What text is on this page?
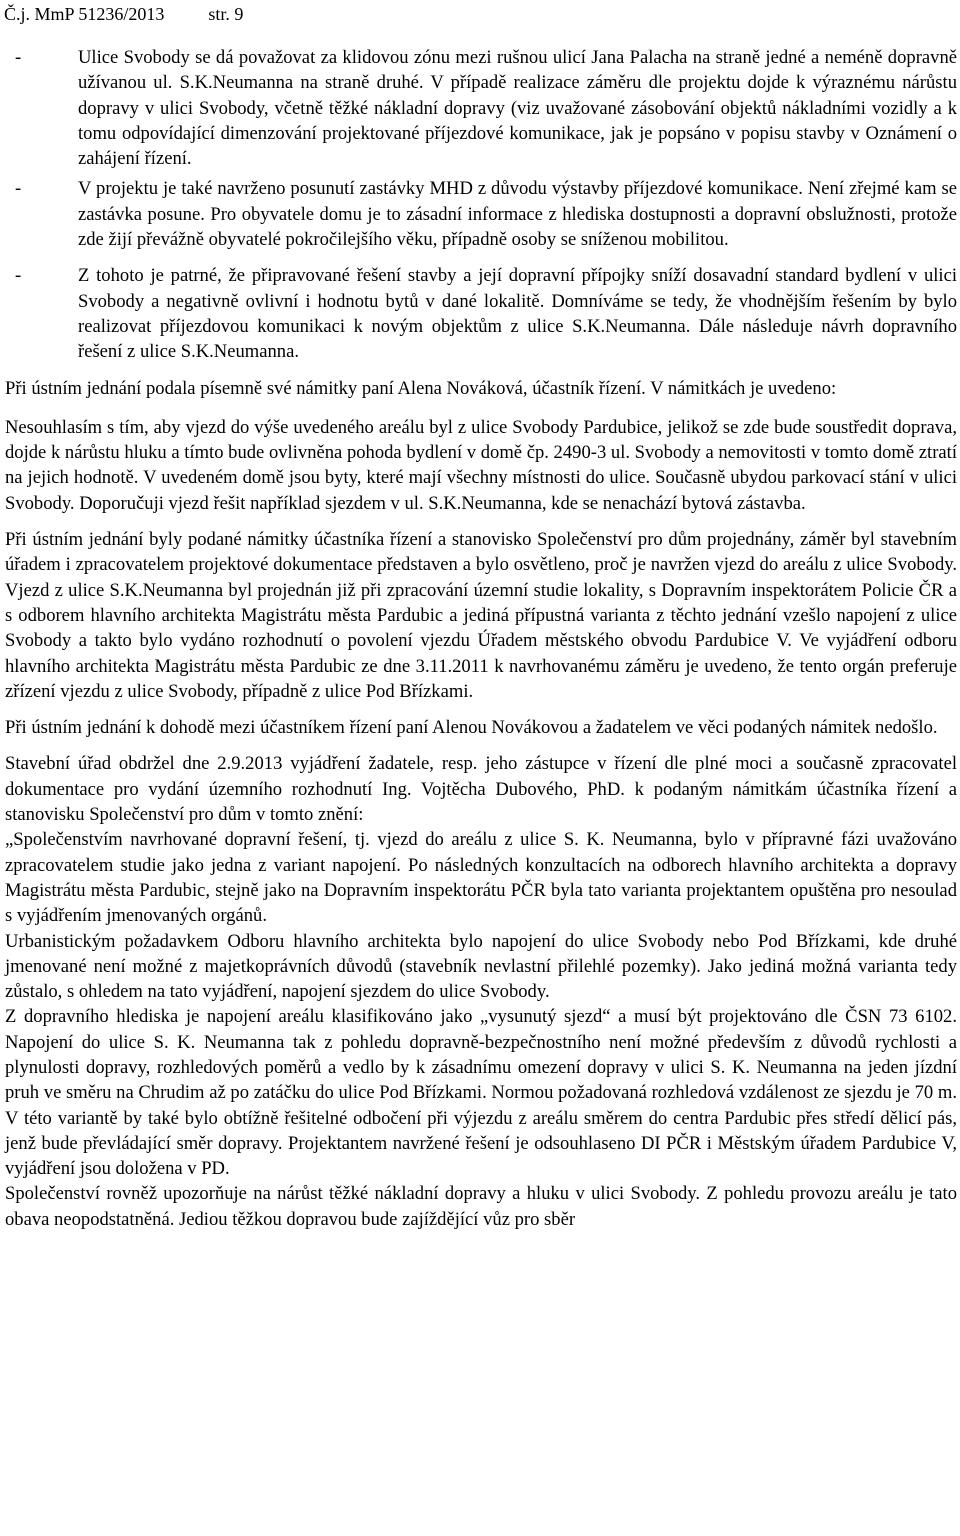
Č.j. MmP 51236/2013 str. 9
-	Ulice Svobody se dá považovat za klidovou zónu mezi rušnou ulicí Jana Palacha na straně jedné a neméně dopravně užívanou ul. S.K.Neumanna na straně druhé. V případě realizace záměru dle projektu dojde k výraznému nárůstu dopravy v ulici Svobody, včetně těžké nákladní dopravy (viz uvažované zásobování objektů nákladními vozidly a k tomu odpovídající dimenzování projektované příjezdové komunikace, jak je popsáno v popisu stavby v Oznámení o zahájení řízení.
-	V projektu je také navrženo posunutí zastávky MHD z důvodu výstavby příjezdové komunikace. Není zřejmé kam se zastávka posune. Pro obyvatele domu je to zásadní informace z hlediska dostupnosti a dopravní obslužnosti, protože zde žijí převážně obyvatelé pokročilejšího věku, případně osoby se sníženou mobilitou.
-	Z tohoto je patrné, že připravované řešení stavby a její dopravní přípojky sníží dosavadní standard bydlení v ulici Svobody a negativně ovlivní i hodnotu bytů v dané lokalitě. Domníváme se tedy, že vhodnějším řešením by bylo realizovat příjezdovou komunikaci k novým objektům z ulice S.K.Neumanna. Dále následuje návrh dopravního řešení z ulice S.K.Neumanna.

Při ústním jednání podala písemně své námitky paní Alena Nováková, účastník řízení. V námitkách je uvedeno:

Nesouhlasím s tím, aby vjezd do výše uvedeného areálu byl z ulice Svobody Pardubice, jelikož se zde bude soustředit doprava, dojde k nárůstu hluku a tímto bude ovlivněna pohoda bydlení v domě čp. 2490-3 ul. Svobody a nemovitosti v tomto domě ztratí na jejich hodnotě. V uvedeném domě jsou byty, které mají všechny místnosti do ulice. Současně ubydou parkovací stání v ulici Svobody. Doporučuji vjezd řešit například sjezdem v ul. S.K.Neumanna, kde se nenachází bytová zástavba.

Při ústním jednání byly podané námitky účastníka řízení a stanovisko Společenství pro dům projednány, záměr byl stavebním úřadem i zpracovatelem projektové dokumentace představen a bylo osvětleno, proč je navržen vjezd do areálu z ulice Svobody. Vjezd z ulice S.K.Neumanna byl projednán již při zpracování územní studie lokality, s Dopravním inspektorátem Policie ČR a s odborem hlavního architekta Magistrátu města Pardubic a jediná přípustná varianta z těchto jednání vzešlo napojení z ulice Svobody a takto bylo vydáno rozhodnutí o povolení vjezdu Úřadem městského obvodu Pardubice V. Ve vyjádření odboru hlavního architekta Magistrátu města Pardubic ze dne 3.11.2011 k navrhovanému záměru je uvedeno, že tento orgán preferuje zřízení vjezdu z ulice Svobody, případně z ulice Pod Břízkami.

Při ústním jednání k dohodě mezi účastníkem řízení paní Alenou Novákovou a žadatelem ve věci podaných námitek nedošlo.

Stavební úřad obdržel dne 2.9.2013 vyjádření žadatele, resp. jeho zástupce v řízení dle plné moci a současně zpracovatel dokumentace pro vydání územního rozhodnutí Ing. Vojtěcha Dubového, PhD. k podaným námitkám účastníka řízení a stanovisku Společenství pro dům v tomto znění:

„Společenstvím navrhované dopravní řešení, tj. vjezd do areálu z ulice S. K. Neumanna, bylo v přípravné fázi uvažováno zpracovatelem studie jako jedna z variant napojení. Po následných konzultacích na odborech hlavního architekta a dopravy Magistrátu města Pardubic, stejně jako na Dopravním inspektorátu PČR byla tato varianta projektantem opuštěna pro nesoulad s vyjádřením jmenovaných orgánů.

Urbanistickým požadavkem Odboru hlavního architekta bylo napojení do ulice Svobody nebo Pod Břízkami, kde druhé jmenované není možné z majetkoprávních důvodů (stavebník nevlastní přilehlé pozemky). Jako jediná možná varianta tedy zůstalo, s ohledem na tato vyjádření, napojení sjezdem do ulice Svobody.

Z dopravního hlediska je napojení areálu klasifikováno jako „vysunutý sjezd“ a musí být projektováno dle ČSN 73 6102. Napojení do ulice S. K. Neumanna tak z pohledu dopravně-bezpečnostního není možné především z důvodů rychlosti a plynulosti dopravy, rozhledových poměrů a vedlo by k zásadnímu omezení dopravy v ulici S. K. Neumanna na jeden jízdní pruh ve směru na Chrudim až po zatáčku do ulice Pod Břízkami. Normou požadovaná rozhledová vzdálenost ze sjezdu je 70 m. V této variantě by také bylo obtížně řešitelné odbočení při výjezdu z areálu směrem do centra Pardubic přes středí dělicí pás, jenž bude převládající směr dopravy. Projektantem navržené řešení je odsouhlaseno DI PČR i Městským úřadem Pardubice V, vyjádření jsou doložena v PD.

Společenství rovněž upozorňuje na nárůst těžké nákladní dopravy a hluku v ulici Svobody. Z pohledu provozu areálu je tato obava neopodstatněná. Jediou těžkou dopravou bude zajíždějící vůz pro sběr
